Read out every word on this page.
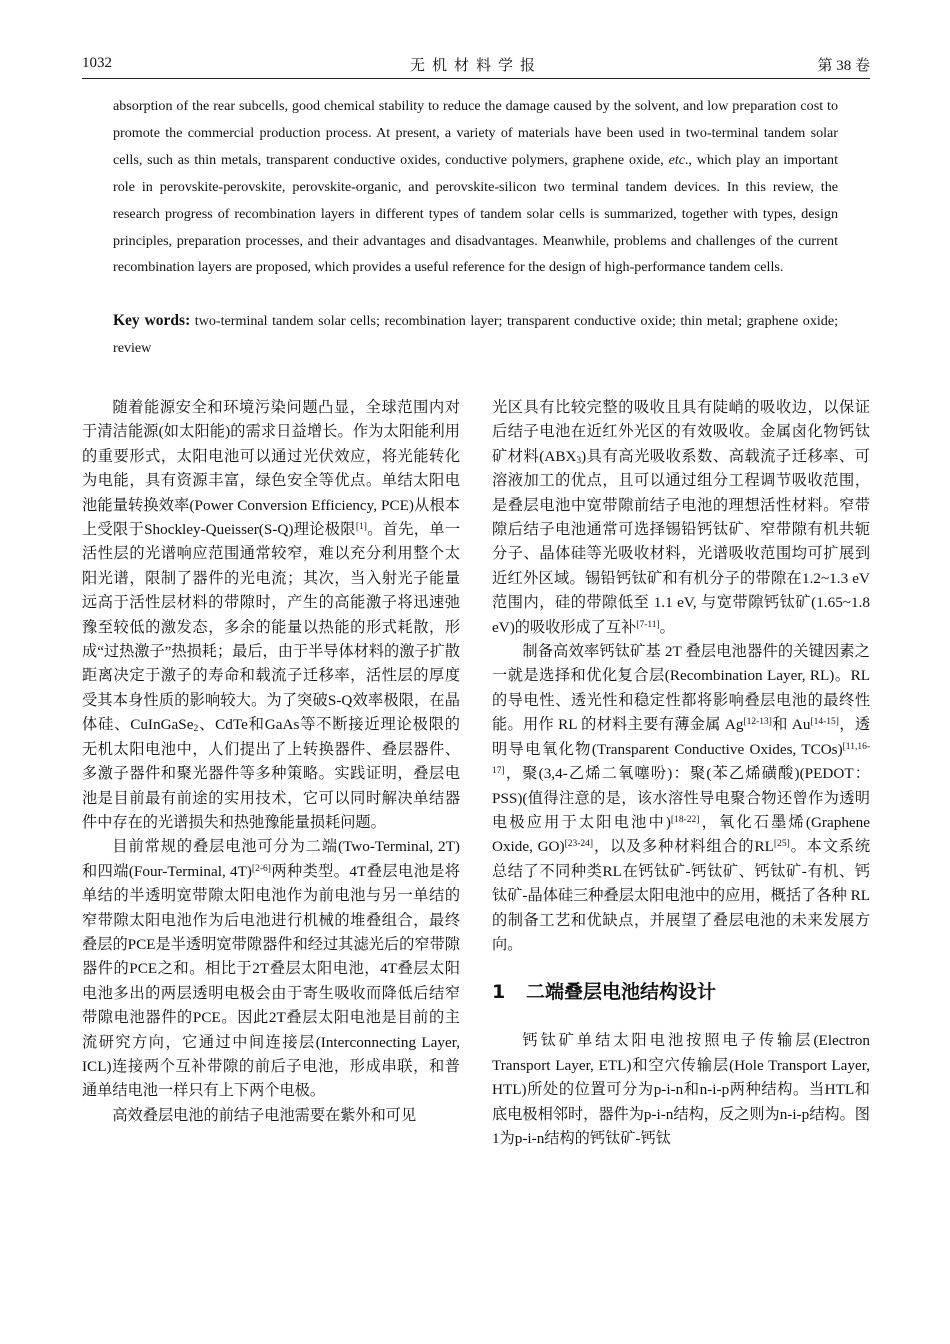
1032	无机材料学报	第 38 卷

absorption of the rear subcells, good chemical stability to reduce the damage caused by the solvent, and low preparation cost to promote the commercial production process. At present, a variety of materials have been used in two-terminal tandem solar cells, such as thin metals, transparent conductive oxides, conductive polymers, graphene oxide, etc., which play an important role in perovskite-perovskite, perovskite-organic, and perovskite-silicon two terminal tandem devices. In this review, the research progress of recombination layers in different types of tandem solar cells is summarized, together with types, design principles, preparation processes, and their advantages and disadvantages. Meanwhile, problems and challenges of the current recombination layers are proposed, which provides a useful reference for the design of high-performance tandem cells.

Key words: two-terminal tandem solar cells; recombination layer; transparent conductive oxide; thin metal; graphene oxide; review

随着能源安全和环境污染问题凸显，全球范围内对于清洁能源(如太阳能)的需求日益增长。作为太阳能利用的重要形式，太阳电池可以通过光伏效应，将光能转化为电能，具有资源丰富，绿色安全等优点。单结太阳电池能量转换效率(Power Conversion Efficiency, PCE)从根本上受限于Shockley-Queisser(S-Q)理论极限[1]。首先，单一活性层的光谱响应范围通常较窄，难以充分利用整个太阳光谱，限制了器件的光电流；其次，当入射光子能量远高于活性层材料的带隙时，产生的高能激子将迅速弛豫至较低的激发态，多余的能量以热能的形式耗散，形成“过热激子”热损耗；最后，由于半导体材料的激子扩散距离决定于激子的寿命和载流子迁移率，活性层的厚度受其本身性质的影响较大。为了突破S-Q效率极限，在晶体硅、CuInGaSe$_2$、CdTe和GaAs等不断接近理论极限的无机太阳电池中，人们提出了上转换器件、叠层器件、多激子器件和聚光器件等多种策略。实践证明，叠层电池是目前最有前途的实用技术，它可以同时解决单结器件中存在的光谱损失和热弛豫能量损耗问题。

目前常规的叠层电池可分为二端(Two-Terminal, 2T)和四端(Four-Terminal, 4T)[2-6]两种类型。4T叠层电池是将单结的半透明宽带隙太阳电池作为前电池与另一单结的窄带隙太阳电池作为后电池进行机械的堆叠组合，最终叠层的PCE是半透明宽带隙器件和经过其滤光后的窄带隙器件的PCE之和。相比于2T叠层太阳电池，4T叠层太阳电池多出的两层透明电极会由于寄生吸收而降低后结窄带隙电池器件的PCE。因此2T叠层太阳电池是目前的主流研究方向，它通过中间连接层(Interconnecting Layer, ICL)连接两个互补带隙的前后子电池，形成串联，和普通单结电池一样只有上下两个电极。

高效叠层电池的前结子电池需要在紫外和可见

光区具有比较完整的吸收且具有陡峭的吸收边，以保证后结子电池在近红外光区的有效吸收。金属卤化物钙钛矿材料$(ABX_3)$具有高光吸收系数、高载流子迁移率、可溶液加工的优点，且可以通过组分工程调节吸收范围，是叠层电池中宽带隙前结子电池的理想活性材料。窄带隙后结子电池通常可选择锡铅钙钛矿、窄带隙有机共轭分子、晶体硅等光吸收材料，光谱吸收范围均可扩展到近红外区域。锡铅钙钛矿和有机分子的带隙在1.2~1.3 eV范围内，硅的带隙低至 1.1 eV, 与宽带隙钙钛矿(1.65~1.8 eV)的吸收形成了互补[7-11]。

制备高效率钙钛矿基 2T 叠层电池器件的关键因素之一就是选择和优化复合层(Recombination Layer, RL)。RL的导电性、透光性和稳定性都将影响叠层电池的最终性能。用作 RL 的材料主要有薄金属 Ag[12-13]和 Au[14-15]，透明导电氧化物(Transparent Conductive Oxides, TCOs)[11,16-17]，聚(3,4-乙烯二氧噻吩)：聚(苯乙烯磺酸)(PEDOT：PSS)(值得注意的是，该水溶性导电聚合物还曾作为透明电极应用于太阳电池中)[18-22]，氧化石墨烯(Graphene Oxide, GO)[23-24]，以及多种材料组合的RL[25]。本文系统总结了不同种类RL在钙钛矿-钙钛矿、钙钛矿-有机、钙钛矿-晶体硅三种叠层太阳电池中的应用，概括了各种 RL 的制备工艺和优缺点，并展望了叠层电池的未来发展方向。

1 二端叠层电池结构设计

钙钛矿单结太阳电池按照电子传输层(Electron Transport Layer, ETL)和空穴传输层(Hole Transport Layer, HTL)所处的位置可分为p-i-n和n-i-p两种结构。当HTL和底电极相邻时，器件为p-i-n结构，反之则为n-i-p结构。图1为p-i-n结构的钙钛矿-钙钛
